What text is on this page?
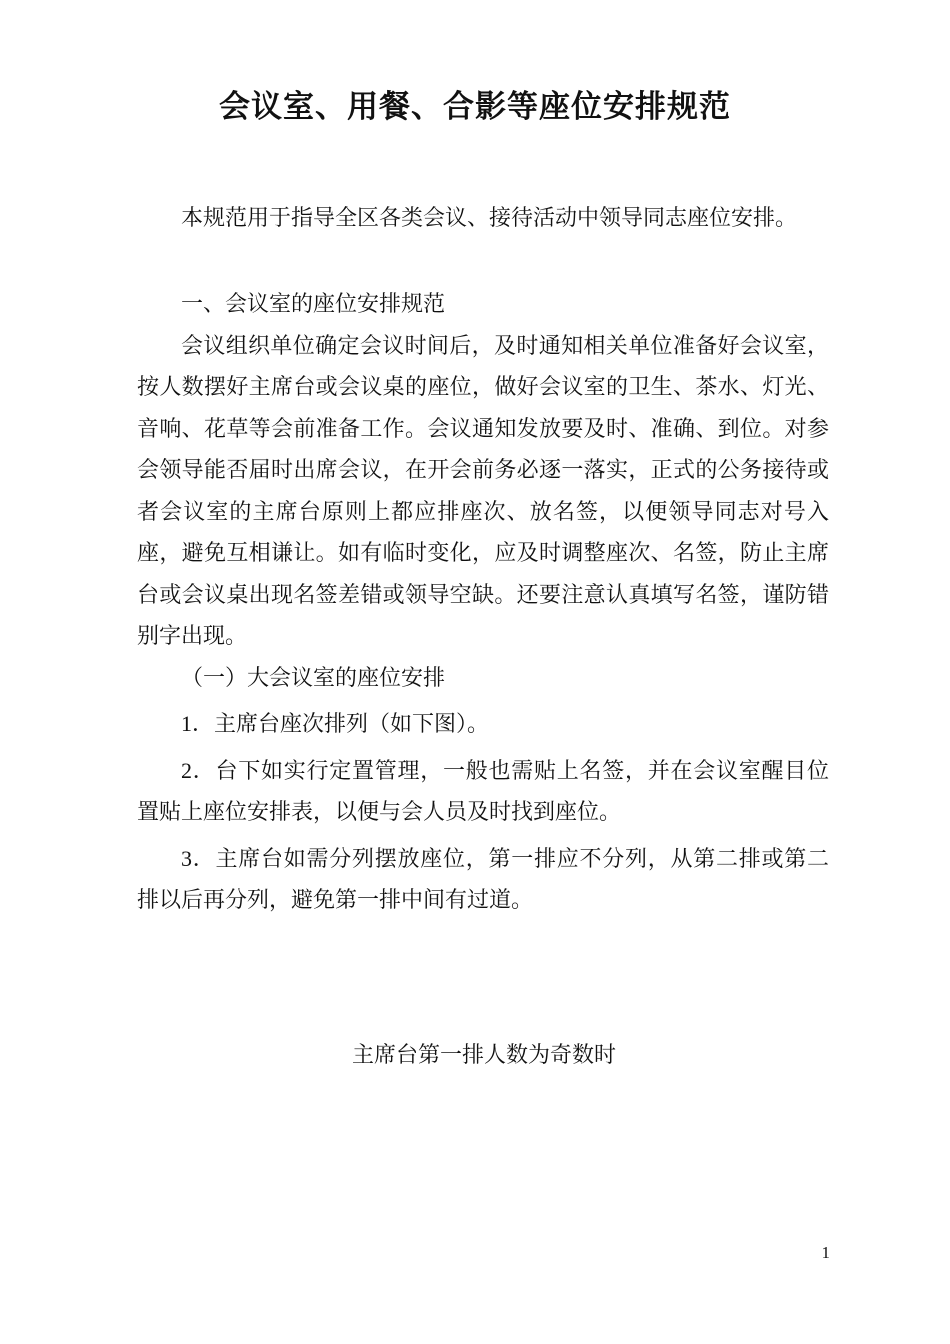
会议室、用餐、合影等座位安排规范

本规范用于指导全区各类会议、接待活动中领导同志座位安排。

一、会议室的座位安排规范

会议组织单位确定会议时间后，及时通知相关单位准备好会议室，按人数摆好主席台或会议桌的座位，做好会议室的卫生、茶水、灯光、音响、花草等会前准备工作。会议通知发放要及时、准确、到位。对参会领导能否届时出席会议，在开会前务必逐一落实，正式的公务接待或者会议室的主席台原则上都应排座次、放名签，以便领导同志对号入座，避免互相谦让。如有临时变化，应及时调整座次、名签，防止主席台或会议桌出现名签差错或领导空缺。还要注意认真填写名签，谨防错别字出现。

（一）大会议室的座位安排

1．主席台座次排列（如下图）。

2．台下如实行定置管理，一般也需贴上名签，并在会议室醒目位置贴上座位安排表，以便与会人员及时找到座位。

3．主席台如需分列摆放座位，第一排应不分列，从第二排或第二排以后再分列，避免第一排中间有过道。

主席台第一排人数为奇数时
1
